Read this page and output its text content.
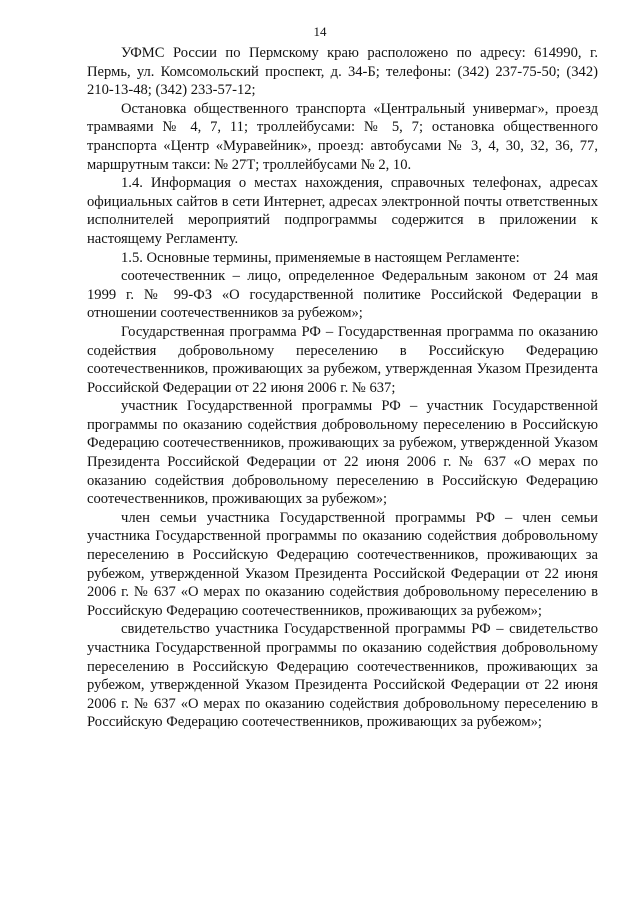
14

УФМС России по Пермскому краю расположено по адресу: 614990, г. Пермь, ул. Комсомольский проспект, д. 34-Б; телефоны: (342) 237-75-50; (342) 210-13-48; (342) 233-57-12;

Остановка общественного транспорта «Центральный универмаг», проезд трамваями № 4, 7, 11; троллейбусами: № 5, 7; остановка общественного транспорта «Центр «Муравейник», проезд: автобусами № 3, 4, 30, 32, 36, 77, маршрутным такси: № 27Т; троллейбусами № 2, 10.

1.4. Информация о местах нахождения, справочных телефонах, адресах официальных сайтов в сети Интернет, адресах электронной почты ответственных исполнителей мероприятий подпрограммы содержится в приложении к настоящему Регламенту.

1.5. Основные термины, применяемые в настоящем Регламенте:

соотечественник – лицо, определенное Федеральным законом от 24 мая 1999 г. № 99-ФЗ «О государственной политике Российской Федерации в отношении соотечественников за рубежом»;

Государственная программа РФ – Государственная программа по оказанию содействия добровольному переселению в Российскую Федерацию соотечественников, проживающих за рубежом, утвержденная Указом Президента Российской Федерации от 22 июня 2006 г. № 637;

участник Государственной программы РФ – участник Государственной программы по оказанию содействия добровольному переселению в Российскую Федерацию соотечественников, проживающих за рубежом, утвержденной Указом Президента Российской Федерации от 22 июня 2006 г. № 637 «О мерах по оказанию содействия добровольному переселению в Российскую Федерацию соотечественников, проживающих за рубежом»;

член семьи участника Государственной программы РФ – член семьи участника Государственной программы по оказанию содействия добровольному переселению в Российскую Федерацию соотечественников, проживающих за рубежом, утвержденной Указом Президента Российской Федерации от 22 июня 2006 г. № 637 «О мерах по оказанию содействия добровольному переселению в Российскую Федерацию соотечественников, проживающих за рубежом»;

свидетельство участника Государственной программы РФ – свидетельство участника Государственной программы по оказанию содействия добровольному переселению в Российскую Федерацию соотечественников, проживающих за рубежом, утвержденной Указом Президента Российской Федерации от 22 июня 2006 г. № 637 «О мерах по оказанию содействия добровольному переселению в Российскую Федерацию соотечественников, проживающих за рубежом»;
